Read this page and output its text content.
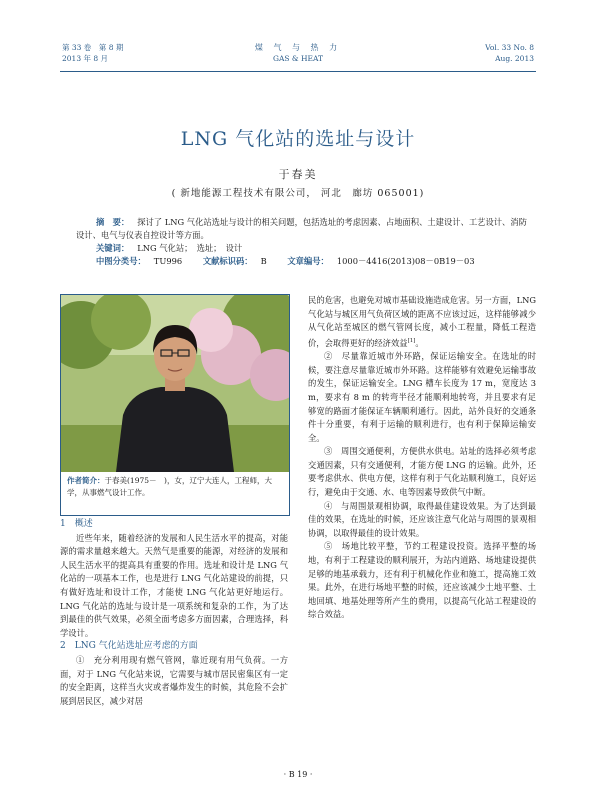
第 33 卷　第 8 期
2013 年 8 月
煤 气 与 热 力
GAS & HEAT
Vol. 33 No. 8
Aug. 2013
LNG 气化站的选址与设计
于春美
( 新地能源工程技术有限公司， 河北　廊坊 065001)

摘　要： 探讨了 LNG 气化站选址与设计的相关问题，包括选址的考虑因素、占地面积、土建设计、工艺设计、消防设计、电气与仪表自控设计等方面。

关键词： LNG 气化站；　选址；　设计

中图分类号： TU996 文献标识码： B 文章编号： 1000－4416(2013)08－0B19－03

作者简介：于春美(1975－　)，女，辽宁大连人，工程师，大学，从事燃气设计工作。

1　概述

近些年来，随着经济的发展和人民生活水平的提高，对能源的需求量越来越大。天然气是重要的能源，对经济的发展和人民生活水平的提高具有重要的作用。选址和设计是 LNG 气化站的一项基本工作，也是进行 LNG 气化站建设的前提，只有做好选址和设计工作，才能使 LNG 气化站更好地运行。LNG 气化站的选址与设计是一项系统和复杂的工作，为了达到最佳的供气效果，必须全面考虑多方面因素，合理选择，科学设计。

2　LNG 气化站选址应考虑的方面

①　充分利用现有燃气管网，靠近现有用气负荷。一方面，对于 LNG 气化站来说，它需要与城市居民密集区有一定的安全距离，这样当火灾或者爆炸发生的时候，其危险不会扩展到居民区，减少对居

民的危害，也避免对城市基础设施造成危害。另一方面，LNG 气化站与城区用气负荷区域的距离不应该过远，这样能够减少从气化站至城区的燃气管网长度，减小工程量，降低工程造价，会取得更好的经济效益[1]。

②　尽量靠近城市外环路，保证运输安全。在选址的时候，要注意尽量靠近城市外环路。这样能够有效避免运输事故的发生，保证运输安全。LNG 槽车长度为 17 m，宽度达 3 m，要求有 8 m 的转弯半径才能顺利地转弯，并且要求有足够宽的路面才能保证车辆顺利通行。因此，站外良好的交通条件十分重要，有利于运输的顺利进行，也有利于保障运输安全。

③　周围交通便利，方便供水供电。站址的选择必须考虑交通因素，只有交通便利，才能方便 LNG 的运输。此外，还要考虑供水、供电方便，这样有利于气化站顺利施工，良好运行，避免由于交通、水、电等因素导致供气中断。

④　与周围景观相协调，取得最佳建设效果。为了达到最佳的效果，在选址的时候，还应该注意气化站与周围的景观相协调，以取得最佳的设计效果。

⑤　场地比较平整，节约工程建设投资。选择平整的场地，有利于工程建设的顺利展开，为站内道路、场地建设提供足够的地基承载力，还有利于机械化作业和施工，提高施工效果。此外，在进行场地平整的时候，还应该减少土地平整、土地回填、地基处理等所产生的费用，以提高气化站工程建设的综合效益。

· B 19 ·
